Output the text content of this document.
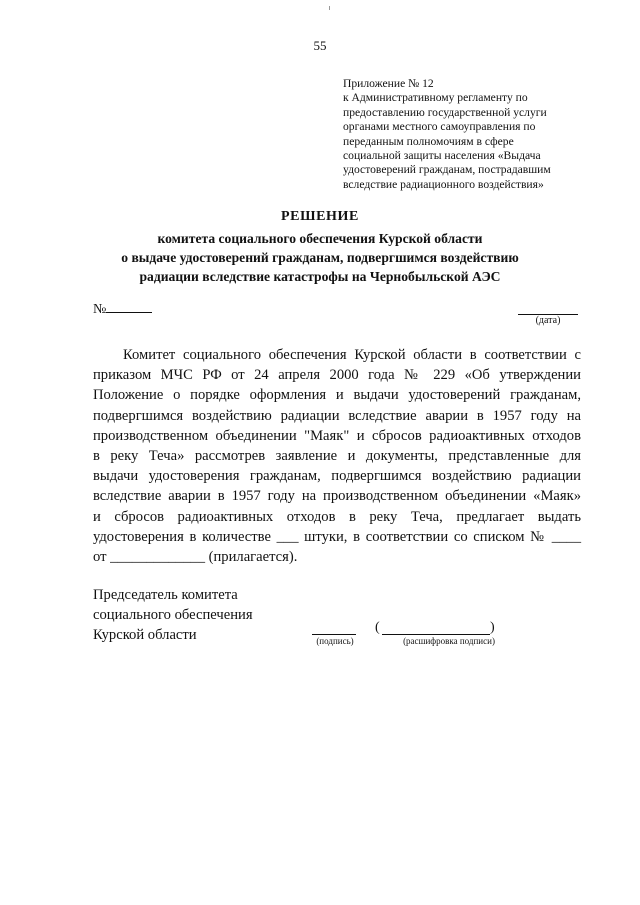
55
Приложение № 12
к Административному регламенту по
предоставлению государственной услуги
органами местного самоуправления по
переданным полномочиям в сфере
социальной защиты населения «Выдача
удостоверений гражданам, пострадавшим
вследствие радиационного воздействия»
РЕШЕНИЕ
комитета социального обеспечения Курской области
о выдаче удостоверений гражданам, подвергшимся воздействию
радиации вследствие катастрофы на Чернобыльской АЭС
№
(дата)
Комитет социального обеспечения Курской области в соответствии с
приказом МЧС РФ от 24 апреля 2000 года № 229 «Об утверждении
Положение о порядке оформления и выдачи удостоверений гражданам,
подвергшимся воздействию радиации вследствие аварии в 1957 году на
производственном объединении "Маяк" и сбросов радиоактивных отходов
в реку Теча» рассмотрев заявление и документы, представленные для
выдачи удостоверения гражданам, подвергшимся воздействию радиации
вследствие аварии в 1957 году на производственном объединении «Маяк»
и сбросов радиоактивных отходов в реку Теча, предлагает выдать
удостоверения в количестве ___ штуки, в соответствии со списком № ____
от _____________ (прилагается).
Председатель комитета
социального обеспечения
Курской области	(подпись)
(	)
(расшифровка подписи)
